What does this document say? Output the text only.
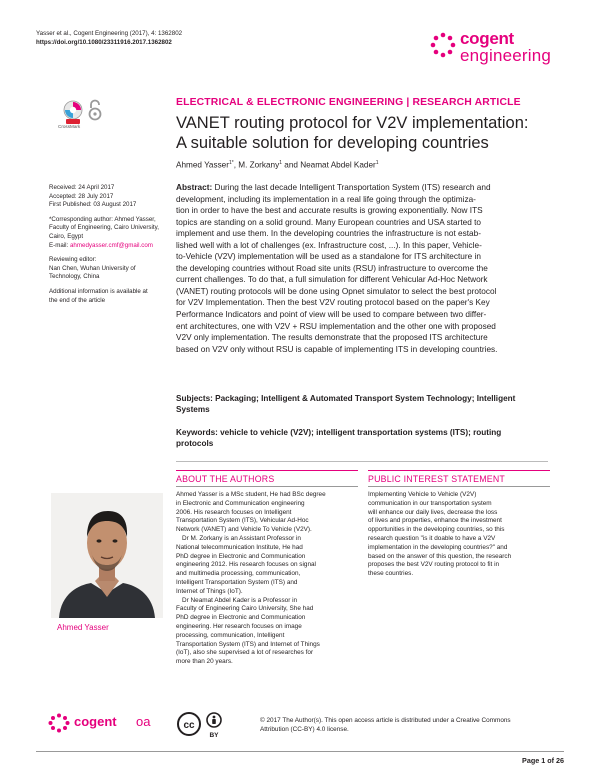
Yasser et al., Cogent Engineering (2017), 4: 1362802
https://doi.org/10.1080/23311916.2017.1362802	cogent
engineering
CrossMark
ELECTRICAL & ELECTRONIC ENGINEERING | RESEARCH ARTICLE
VANET routing protocol for V2V implementation:
A suitable solution for developing countries
Ahmed Yasser$^{1*}$, M. Zorkany$^1$ and Neamat Abdel Kader$^1$
Received: 24 April 2017
Accepted: 28 July 2017
First Published: 03 August 2017
*Corresponding author: Ahmed Yasser,
Faculty of Engineering, Cairo University,
Cairo, Egypt
E-mail: ahmedyasser.cmf@gmail.com
Reviewing editor:
Nan Chen, Wuhan University of
Technology, China
Additional information is available at
the end of the article
Abstract: During the last decade Intelligent Transportation System (ITS) research and
development, including its implementation in a real life going through the optimiza-
tion in order to have the best and accurate results is growing exponentially. Now ITS
topics are standing on a solid ground. Many European countries and USA started to
implement and use them. In the developing countries the infrastructure is not estab-
lished well with a lot of challenges (ex. Infrastructure cost, ...). In this paper, Vehicle-
to-Vehicle (V2V) implementation will be used as a standalone for ITS architecture in
the developing countries without Road site units (RSU) infrastructure to overcome the
current challenges. To do that, a full simulation for different Vehicular Ad-Hoc Network
(VANET) routing protocols will be done using Opnet simulator to select the best protocol
for V2V Implementation. Then the best V2V routing protocol based on the paper's Key
Performance Indicators and point of view will be used to compare between two differ-
ent architectures, one with V2V + RSU implementation and the other one with proposed
V2V only implementation. The results demonstrate that the proposed ITS architecture
based on V2V only without RSU is capable of implementing ITS in developing countries.
Subjects: Packaging; Intelligent & Automated Transport System Technology; Intelligent
Systems
Keywords: vehicle to vehicle (V2V); intelligent transportation systems (ITS); routing
protocols
ABOUT THE AUTHORS	PUBLIC INTEREST STATEMENT
Ahmed Yasser
Ahmed Yasser is a MSc student, He had BSc degree
in Electronic and Communication engineering
2006. His research focuses on Intelligent
Transportation System (ITS), Vehicular Ad-Hoc
Network (VANET) and Vehicle To Vehicle (V2V).
Dr M. Zorkany is an Assistant Professor in
National telecommunication Institute, He had
PhD degree in Electronic and Communication
engineering 2012. His research focuses on signal
and multimedia processing, communication,
Intelligent Transportation System (ITS) and
Internet of Things (IoT).
Dr Neamat Abdel Kader is a Professor in
Faculty of Engineering Cairo University, She had
PhD degree in Electronic and Communication
engineering. Her research focuses on image
processing, communication, Intelligent
Transportation System (ITS) and Internet of Things
(IoT), also she supervised a lot of researches for
more than 20 years.
Implementing Vehicle to Vehicle (V2V)
communication in our transportation system
will enhance our daily lives, decrease the loss
of lives and properties, enhance the investment
opportunities in the developing countries, so this
research question "is it doable to have a V2V
implementation in the developing countries?" and
based on the answer of this question, the research
proposes the best V2V routing protocol to fit in
these countries.
cogent oa	cc
BY
© 2017 The Author(s). This open access article is distributed under a Creative Commons
Attribution (CC-BY) 4.0 license.
Page 1 of 26
